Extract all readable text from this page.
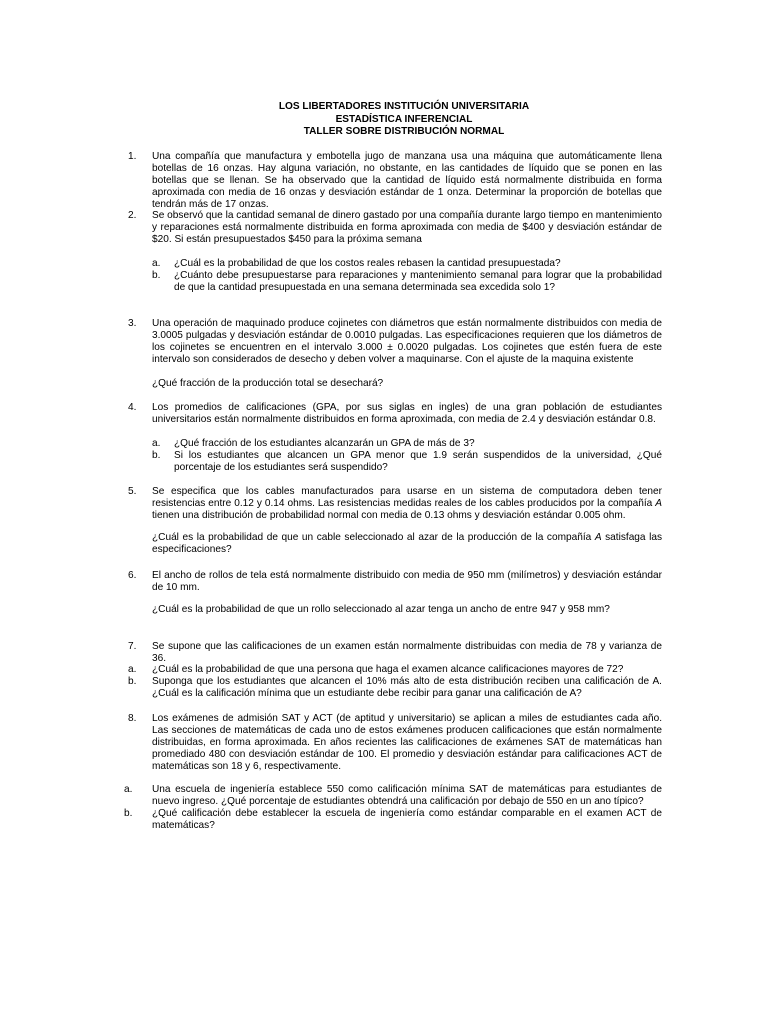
LOS LIBERTADORES INSTITUCIÓN UNIVERSITARIA
ESTADÍSTICA INFERENCIAL
TALLER SOBRE DISTRIBUCIÓN NORMAL
1. Una compañía que manufactura y embotella jugo de manzana usa una máquina que automáticamente llena botellas de 16 onzas. Hay alguna variación, no obstante, en las cantidades de líquido que se ponen en las botellas que se llenan. Se ha observado que la cantidad de líquido está normalmente distribuida en forma aproximada con media de 16 onzas y desviación estándar de 1 onza. Determinar la proporción de botellas que tendrán más de 17 onzas.
2. Se observó que la cantidad semanal de dinero gastado por una compañía durante largo tiempo en mantenimiento y reparaciones está normalmente distribuida en forma aproximada con media de $400 y desviación estándar de $20. Si están presupuestados $450 para la próxima semana
a. ¿Cuál es la probabilidad de que los costos reales rebasen la cantidad presupuestada?
b. ¿Cuánto debe presupuestarse para reparaciones y mantenimiento semanal para lograr que la probabilidad de que la cantidad presupuestada en una semana determinada sea excedida solo 1?
3. Una operación de maquinado produce cojinetes con diámetros que están normalmente distribuidos con media de 3.0005 pulgadas y desviación estándar de 0.0010 pulgadas. Las especificaciones requieren que los diámetros de los cojinetes se encuentren en el intervalo 3.000 ± 0.0020 pulgadas. Los cojinetes que estén fuera de este intervalo son considerados de desecho y deben volver a maquinarse. Con el ajuste de la maquina existente
¿Qué fracción de la producción total se desechará?
4. Los promedios de calificaciones (GPA, por sus siglas en ingles) de una gran población de estudiantes universitarios están normalmente distribuidos en forma aproximada, con media de 2.4 y desviación estándar 0.8.
a. ¿Qué fracción de los estudiantes alcanzarán un GPA de más de 3?
b. Si los estudiantes que alcancen un GPA menor que 1.9 serán suspendidos de la universidad, ¿Qué porcentaje de los estudiantes será suspendido?
5. Se especifica que los cables manufacturados para usarse en un sistema de computadora deben tener resistencias entre 0.12 y 0.14 ohms. Las resistencias medidas reales de los cables producidos por la compañía A tienen una distribución de probabilidad normal con media de 0.13 ohms y desviación estándar 0.005 ohm.
¿Cuál es la probabilidad de que un cable seleccionado al azar de la producción de la compañía A satisfaga las especificaciones?
6. El ancho de rollos de tela está normalmente distribuido con media de 950 mm (milímetros) y desviación estándar de 10 mm.
¿Cuál es la probabilidad de que un rollo seleccionado al azar tenga un ancho de entre 947 y 958 mm?
7. Se supone que las calificaciones de un examen están normalmente distribuidas con media de 78 y varianza de 36.
a. ¿Cuál es la probabilidad de que una persona que haga el examen alcance calificaciones mayores de 72?
b. Suponga que los estudiantes que alcancen el 10% más alto de esta distribución reciben una calificación de A. ¿Cuál es la calificación mínima que un estudiante debe recibir para ganar una calificación de A?
8. Los exámenes de admisión SAT y ACT (de aptitud y universitario) se aplican a miles de estudiantes cada año. Las secciones de matemáticas de cada uno de estos exámenes producen calificaciones que están normalmente distribuidas, en forma aproximada. En años recientes las calificaciones de exámenes SAT de matemáticas han promediado 480 con desviación estándar de 100. El promedio y desviación estándar para calificaciones ACT de matemáticas son 18 y 6, respectivamente.
a. Una escuela de ingeniería establece 550 como calificación mínima SAT de matemáticas para estudiantes de nuevo ingreso. ¿Qué porcentaje de estudiantes obtendrá una calificación por debajo de 550 en un ano típico?
b. ¿Qué calificación debe establecer la escuela de ingeniería como estándar comparable en el examen ACT de matemáticas?
